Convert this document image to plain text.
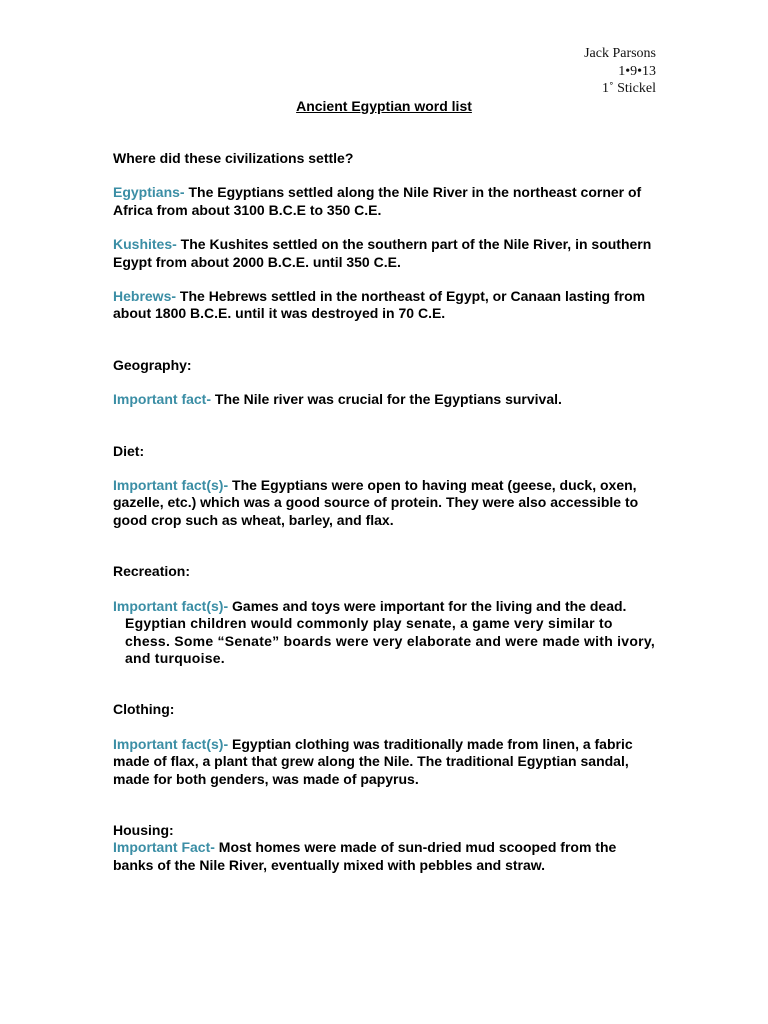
Jack Parsons
1•9•13
1˚ Stickel
Ancient Egyptian word list

Where did these civilizations settle?

Egyptians- The Egyptians settled along the Nile River in the northeast corner of Africa from about 3100 B.C.E to 350 C.E.

Kushites- The Kushites settled on the southern part of the Nile River, in southern Egypt from about 2000 B.C.E. until 350 C.E.

Hebrews- The Hebrews settled in the northeast of Egypt, or Canaan lasting from about 1800 B.C.E. until it was destroyed in 70 C.E.

Geography:

Important fact- The Nile river was crucial for the Egyptians survival.

Diet:

Important fact(s)- The Egyptians were open to having meat (geese, duck, oxen, gazelle, etc.) which was a good source of protein. They were also accessible to good crop such as wheat, barley, and flax.

Recreation:

Important fact(s)- Games and toys were important for the living and the dead.

Egyptian children would commonly play senate, a game very similar to chess. Some “Senate” boards were very elaborate and were made with ivory, and turquoise.

Clothing:

Important fact(s)- Egyptian clothing was traditionally made from linen, a fabric made of flax, a plant that grew along the Nile. The traditional Egyptian sandal, made for both genders, was made of papyrus.

Housing:

Important Fact- Most homes were made of sun-dried mud scooped from the banks of the Nile River, eventually mixed with pebbles and straw.
